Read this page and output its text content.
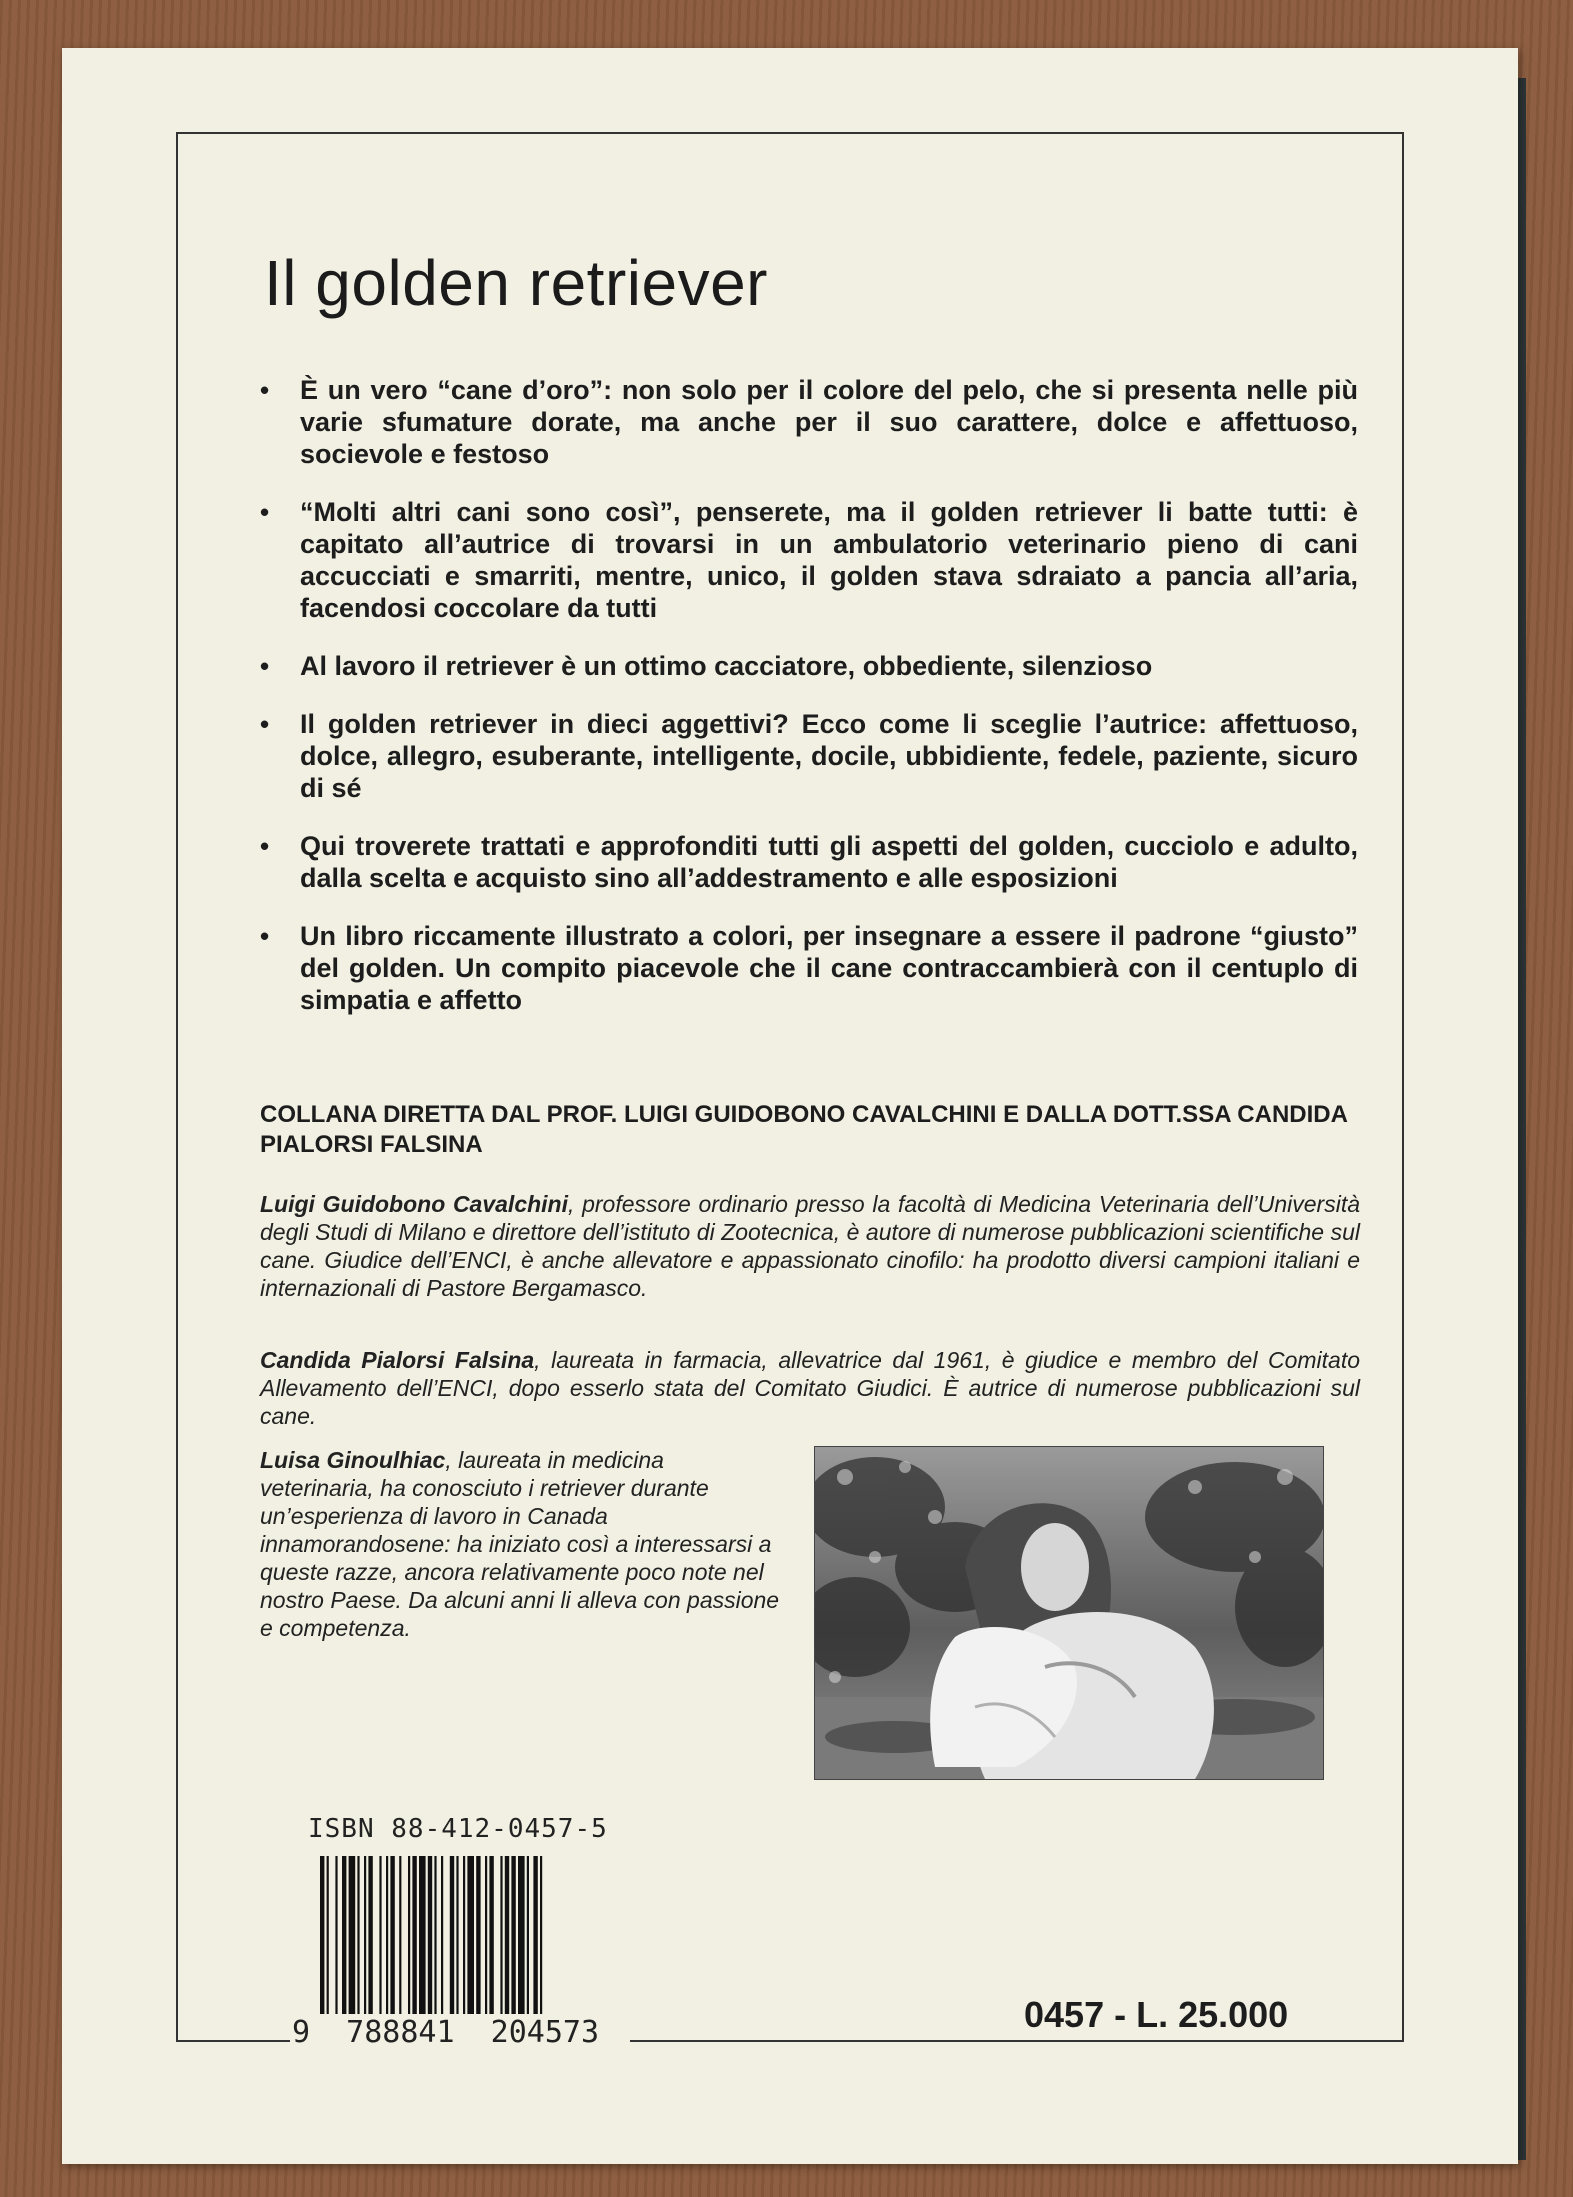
Il golden retriever
• È un vero “cane d’oro”: non solo per il colore del pelo, che si presenta nelle più varie sfumature dorate, ma anche per il suo carattere, dolce e affettuoso, socievole e festoso
• “Molti altri cani sono così”, penserete, ma il golden retriever li batte tutti: è capitato all’autrice di trovarsi in un ambulatorio veterinario pieno di cani accucciati e smarriti, mentre, unico, il golden stava sdraiato a pancia all’aria, facendosi coccolare da tutti
• Al lavoro il retriever è un ottimo cacciatore, obbediente, silenzioso
• Il golden retriever in dieci aggettivi? Ecco come li sceglie l’autrice: affettuoso, dolce, allegro, esuberante, intelligente, docile, ubbidiente, fedele, paziente, sicuro di sé
• Qui troverete trattati e approfonditi tutti gli aspetti del golden, cucciolo e adulto, dalla scelta e acquisto sino all’addestramento e alle esposizioni
• Un libro riccamente illustrato a colori, per insegnare a essere il padrone “giusto” del golden. Un compito piacevole che il cane contraccambierà con il centuplo di simpatia e affetto

COLLANA DIRETTA DAL PROF. LUIGI GUIDOBONO CAVALCHINI E DALLA DOTT.SSA CANDIDA PIALORSI FALSINA

Luigi Guidobono Cavalchini, professore ordinario presso la facoltà di Medicina Veterinaria dell’Università degli Studi di Milano e direttore dell’istituto di Zootecnica, è autore di numerose pubblicazioni scientifiche sul cane. Giudice dell’ENCI, è anche allevatore e appassionato cinofilo: ha prodotto diversi campioni italiani e internazionali di Pastore Bergamasco.

Candida Pialorsi Falsina, laureata in farmacia, allevatrice dal 1961, è giudice e membro del Comitato Allevamento dell’ENCI, dopo esserlo stata del Comitato Giudici. È autrice di numerose pubblicazioni sul cane.

Luisa Ginoulhiac, laureata in medicina veterinaria, ha conosciuto i retriever durante un’esperienza di lavoro in Canada innamorandosene: ha iniziato così a interessarsi a queste razze, ancora relativamente poco note nel nostro Paese. Da alcuni anni li alleva con passione e competenza.

ISBN 88-412-0457-5

9  788841  204573	0457 - L. 25.000
